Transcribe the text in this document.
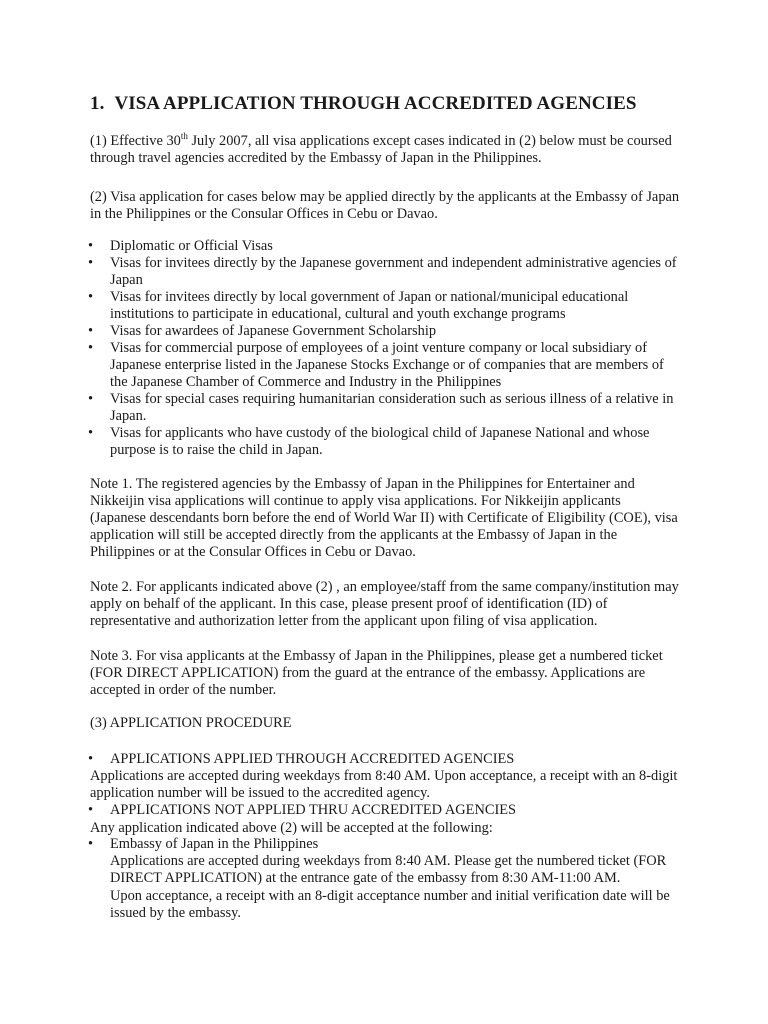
1. VISA APPLICATION THROUGH ACCREDITED AGENCIES

(1) Effective 30th July 2007, all visa applications except cases indicated in (2) below must be coursed through travel agencies accredited by the Embassy of Japan in the Philippines.

(2) Visa application for cases below may be applied directly by the applicants at the Embassy of Japan in the Philippines or the Consular Offices in Cebu or Davao.

• Diplomatic or Official Visas
• Visas for invitees directly by the Japanese government and independent administrative agencies of Japan
• Visas for invitees directly by local government of Japan or national/municipal educational institutions to participate in educational, cultural and youth exchange programs
• Visas for awardees of Japanese Government Scholarship
• Visas for commercial purpose of employees of a joint venture company or local subsidiary of Japanese enterprise listed in the Japanese Stocks Exchange or of companies that are members of the Japanese Chamber of Commerce and Industry in the Philippines
• Visas for special cases requiring humanitarian consideration such as serious illness of a relative in Japan.
• Visas for applicants who have custody of the biological child of Japanese National and whose purpose is to raise the child in Japan.

Note 1. The registered agencies by the Embassy of Japan in the Philippines for Entertainer and Nikkeijin visa applications will continue to apply visa applications. For Nikkeijin applicants (Japanese descendants born before the end of World War II) with Certificate of Eligibility (COE), visa application will still be accepted directly from the applicants at the Embassy of Japan in the Philippines or at the Consular Offices in Cebu or Davao.

Note 2. For applicants indicated above (2) , an employee/staff from the same company/institution may apply on behalf of the applicant. In this case, please present proof of identification (ID) of representative and authorization letter from the applicant upon filing of visa application.

Note 3. For visa applicants at the Embassy of Japan in the Philippines, please get a numbered ticket (FOR DIRECT APPLICATION) from the guard at the entrance of the embassy. Applications are accepted in order of the number.

(3) APPLICATION PROCEDURE

• APPLICATIONS APPLIED THROUGH ACCREDITED AGENCIES

Applications are accepted during weekdays from 8:40 AM. Upon acceptance, a receipt with an 8-digit application number will be issued to the accredited agency.

• APPLICATIONS NOT APPLIED THRU ACCREDITED AGENCIES

Any application indicated above (2) will be accepted at the following:

• Embassy of Japan in the Philippines

Applications are accepted during weekdays from 8:40 AM. Please get the numbered ticket (FOR DIRECT APPLICATION) at the entrance gate of the embassy from 8:30 AM-11:00 AM.

Upon acceptance, a receipt with an 8-digit acceptance number and initial verification date will be issued by the embassy.
